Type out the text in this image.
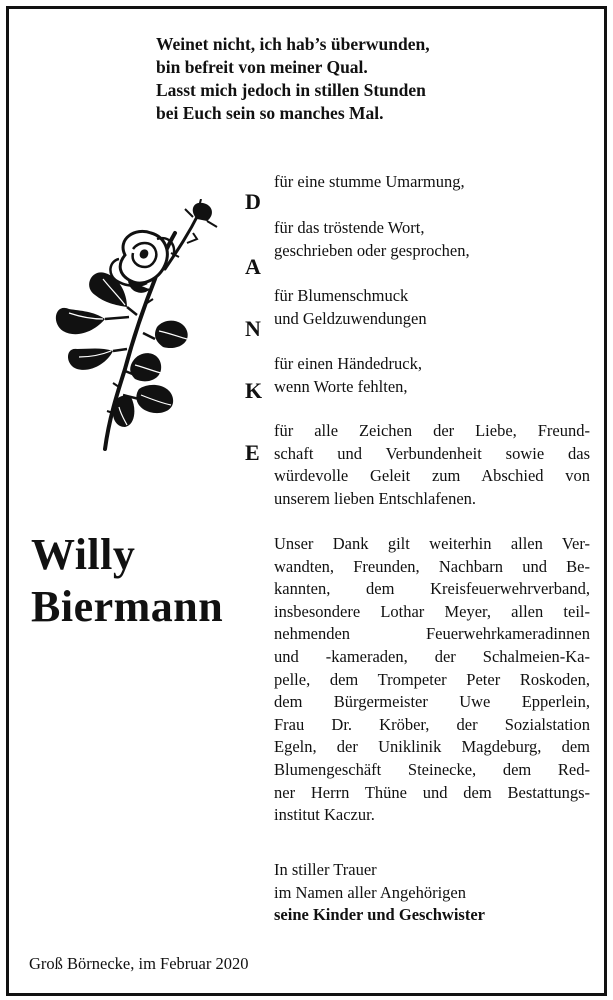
Weinet nicht, ich hab’s überwunden,
bin befreit von meiner Qual.
Lasst mich jedoch in stillen Stunden
bei Euch sein so manches Mal.
D
A
N
K
E
für eine stumme Umarmung,
für das tröstende Wort,
geschrieben oder gesprochen,
für Blumenschmuck
und Geldzuwendungen
für einen Händedruck,
wenn Worte fehlten,
für alle Zeichen der Liebe, Freund-
schaft und Verbundenheit sowie das
würdevolle Geleit zum Abschied von
unserem lieben Entschlafenen.
Willy
Biermann
Unser Dank gilt weiterhin allen Ver-
wandten, Freunden, Nachbarn und Be-
kannten, dem Kreisfeuerwehrverband,
insbesondere Lothar Meyer, allen teil-
nehmenden Feuerwehrkameradinnen
und -kameraden, der Schalmeien-Ka-
pelle, dem Trompeter Peter Roskoden,
dem Bürgermeister Uwe Epperlein,
Frau Dr. Kröber, der Sozialstation
Egeln, der Uniklinik Magdeburg, dem
Blumengeschäft Steinecke, dem Red-
ner Herrn Thüne und dem Bestattungs-
institut Kaczur.
In stiller Trauer
im Namen aller Angehörigen
seine Kinder und Geschwister
Groß Börnecke, im Februar 2020
